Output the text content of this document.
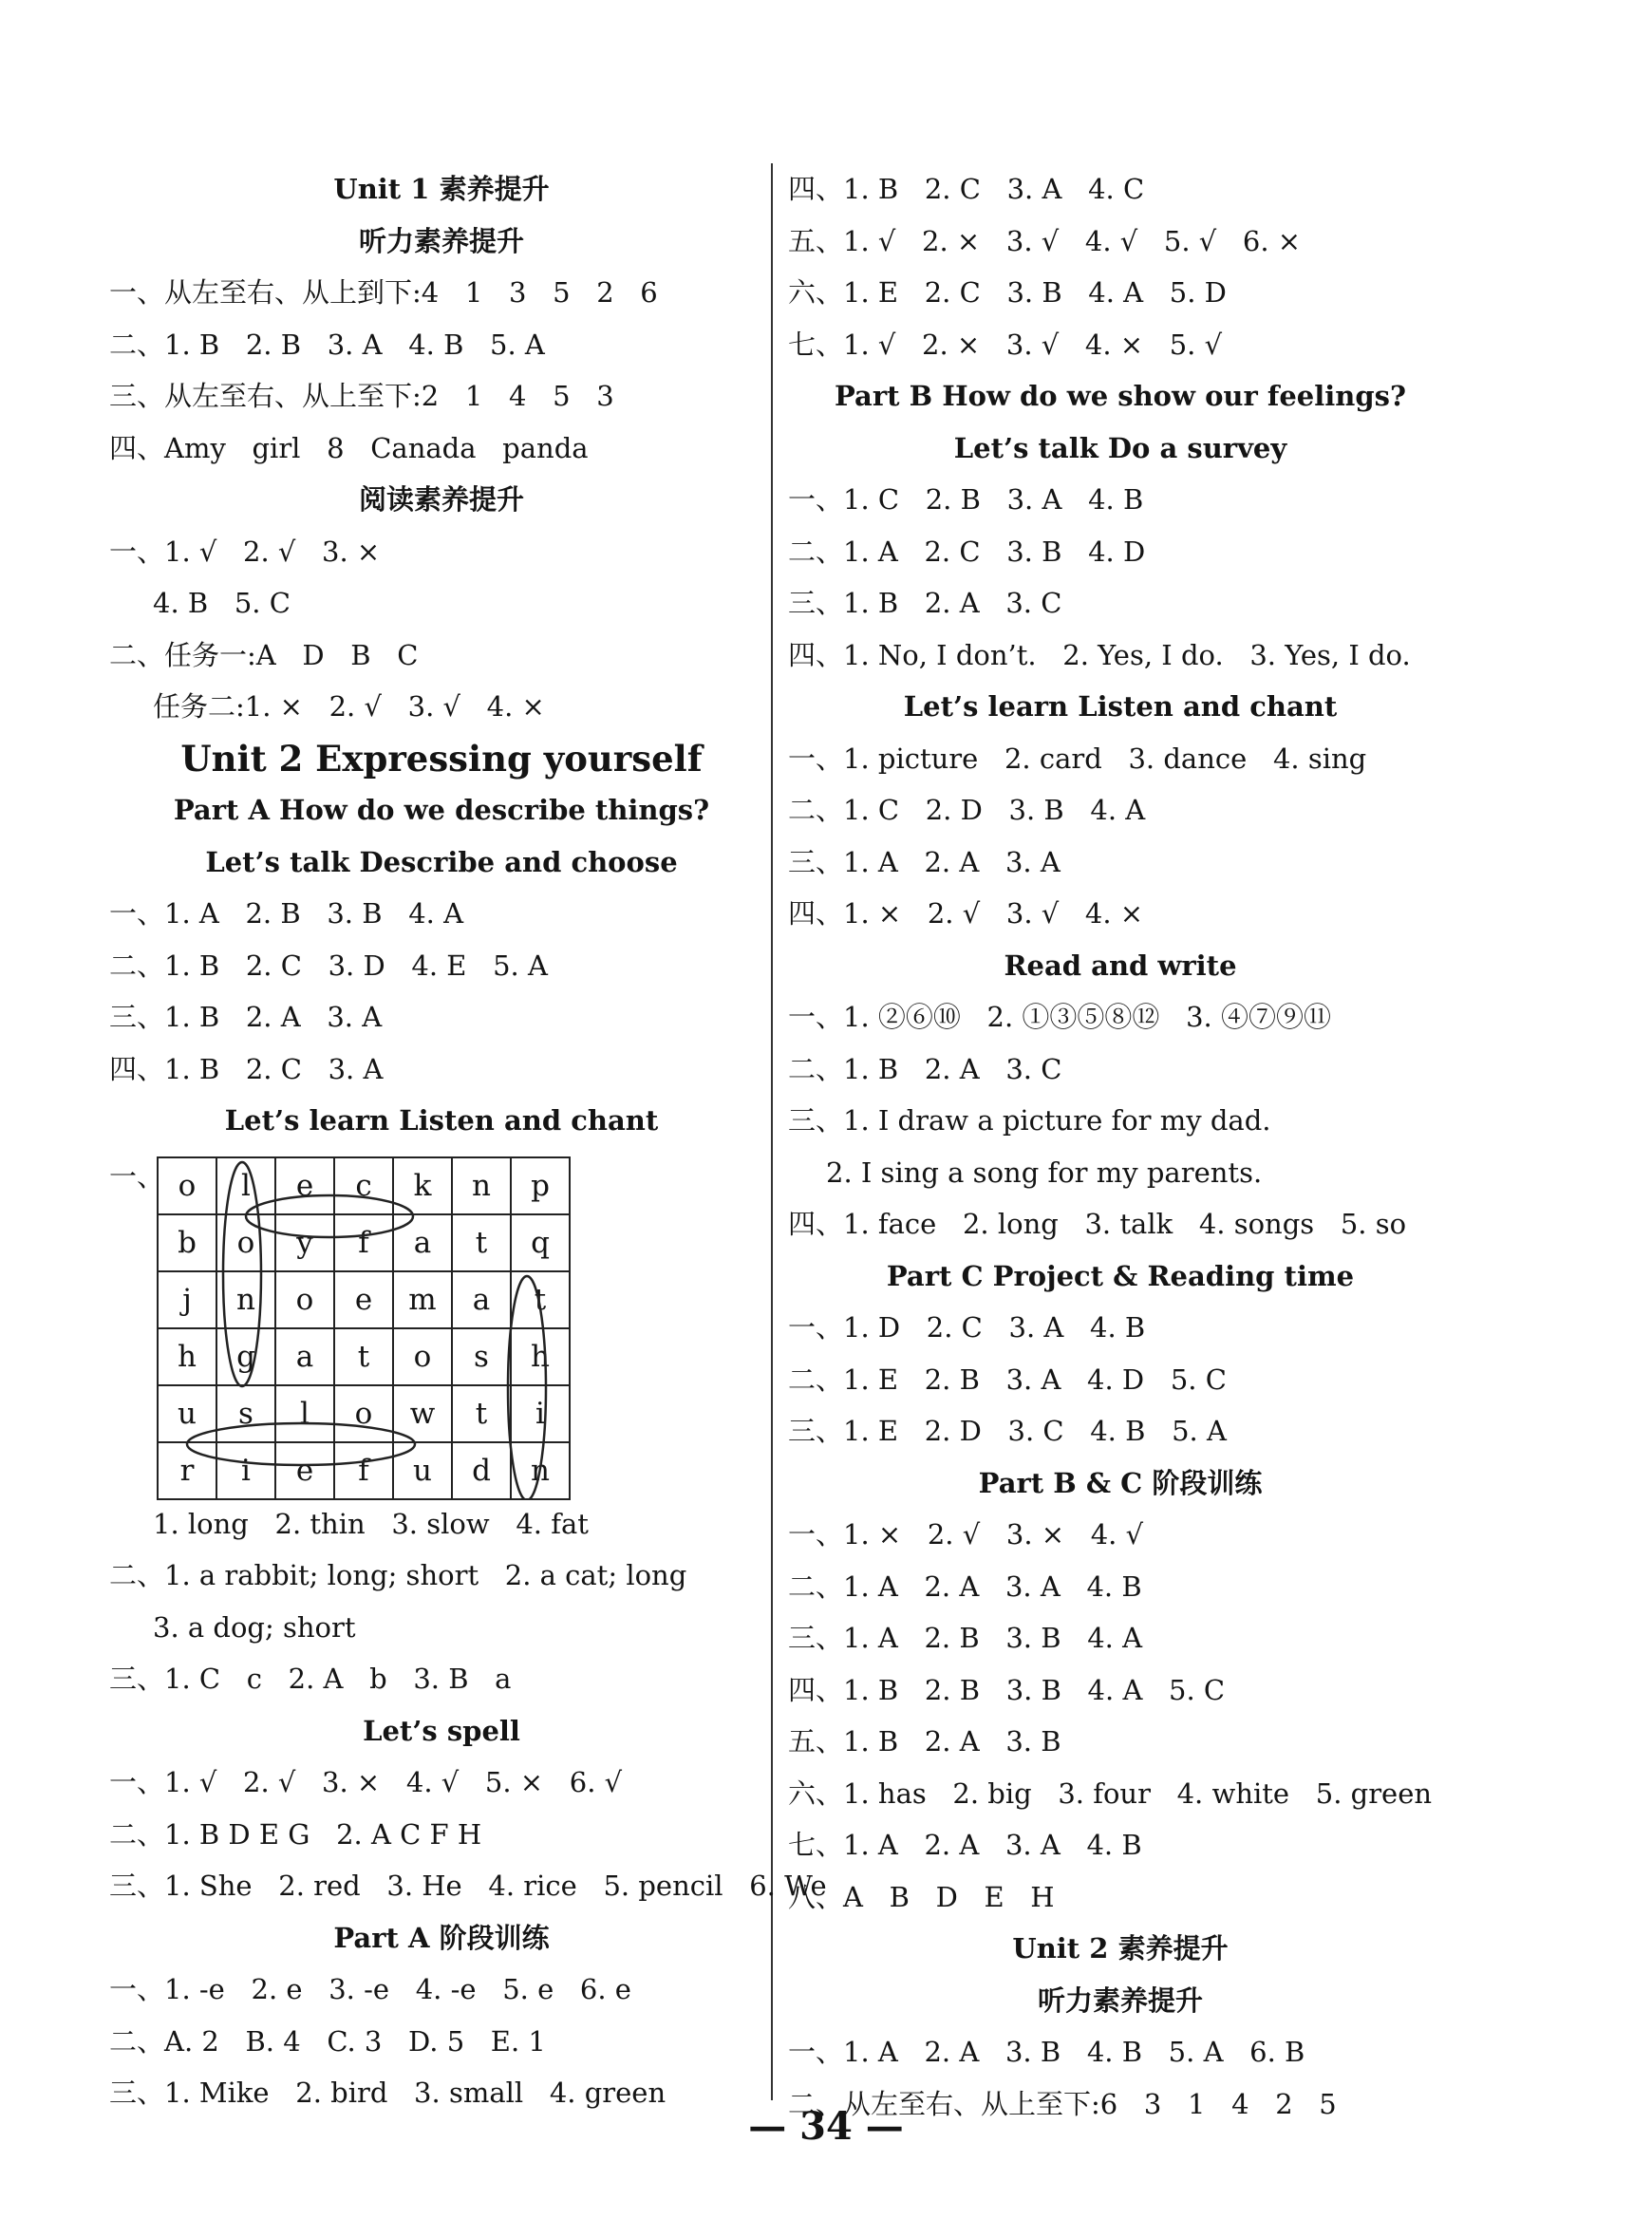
Unit 1 素养提升
听力素养提升
一、从左至右、从上到下:4   1   3   5   2   6
二、1. B   2. B   3. A   4. B   5. A
三、从左至右、从上至下:2   1   4   5   3
四、Amy   girl   8   Canada   panda
阅读素养提升
一、1. √   2. √   3. ×
4. B   5. C
二、任务一:A   D   B   C
任务二:1. ×   2. √   3. √   4. ×
Unit 2 Expressing yourself
Part A How do we describe things?
Let’s talk Describe and choose
一、1. A   2. B   3. B   4. A
二、1. B   2. C   3. D   4. E   5. A
三、1. B   2. A   3. A
四、1. B   2. C   3. A
Let’s learn Listen and chant
一、 o	l	e	c	k	n	p
b	o	y	f	a	t	q
j	n	o	e	m	a	t
h	g	a	t	o	s	h
u	s	l	o	w	t	i
r	i	e	f	u	d	n
1. long   2. thin   3. slow   4. fat
二、1. a rabbit; long; short   2. a cat; long
3. a dog; short
三、1. C   c   2. A   b   3. B   a
Let’s spell
一、1. √   2. √   3. ×   4. √   5. ×   6. √
二、1. B D E G   2. A C F H
三、1. She   2. red   3. He   4. rice   5. pencil   6. We
Part A 阶段训练
一、1. -e   2. e   3. -e   4. -e   5. e   6. e
二、A. 2   B. 4   C. 3   D. 5   E. 1
三、1. Mike   2. bird   3. small   4. green
四、1. B   2. C   3. A   4. C
五、1. √   2. ×   3. √   4. √   5. √   6. ×
六、1. E   2. C   3. B   4. A   5. D
七、1. √   2. ×   3. √   4. ×   5. √
Part B How do we show our feelings?
Let’s talk Do a survey
一、1. C   2. B   3. A   4. B
二、1. A   2. C   3. B   4. D
三、1. B   2. A   3. C
四、1. No, I don’t.   2. Yes, I do.   3. Yes, I do.
Let’s learn Listen and chant
一、1. picture   2. card   3. dance   4. sing
二、1. C   2. D   3. B   4. A
三、1. A   2. A   3. A
四、1. ×   2. √   3. √   4. ×
Read and write
一、1. ②⑥⑩   2. ①③⑤⑧⑫   3. ④⑦⑨⑪
二、1. B   2. A   3. C
三、1. I draw a picture for my dad.
2. I sing a song for my parents.
四、1. face   2. long   3. talk   4. songs   5. so
Part C Project & Reading time
一、1. D   2. C   3. A   4. B
二、1. E   2. B   3. A   4. D   5. C
三、1. E   2. D   3. C   4. B   5. A
Part B & C 阶段训练
一、1. ×   2. √   3. ×   4. √
二、1. A   2. A   3. A   4. B
三、1. A   2. B   3. B   4. A
四、1. B   2. B   3. B   4. A   5. C
五、1. B   2. A   3. B
六、1. has   2. big   3. four   4. white   5. green
七、1. A   2. A   3. A   4. B
八、A   B   D   E   H
Unit 2 素养提升
听力素养提升
一、1. A   2. A   3. B   4. B   5. A   6. B
二、从左至右、从上至下:6   3   1   4   2   5
— 34 —
